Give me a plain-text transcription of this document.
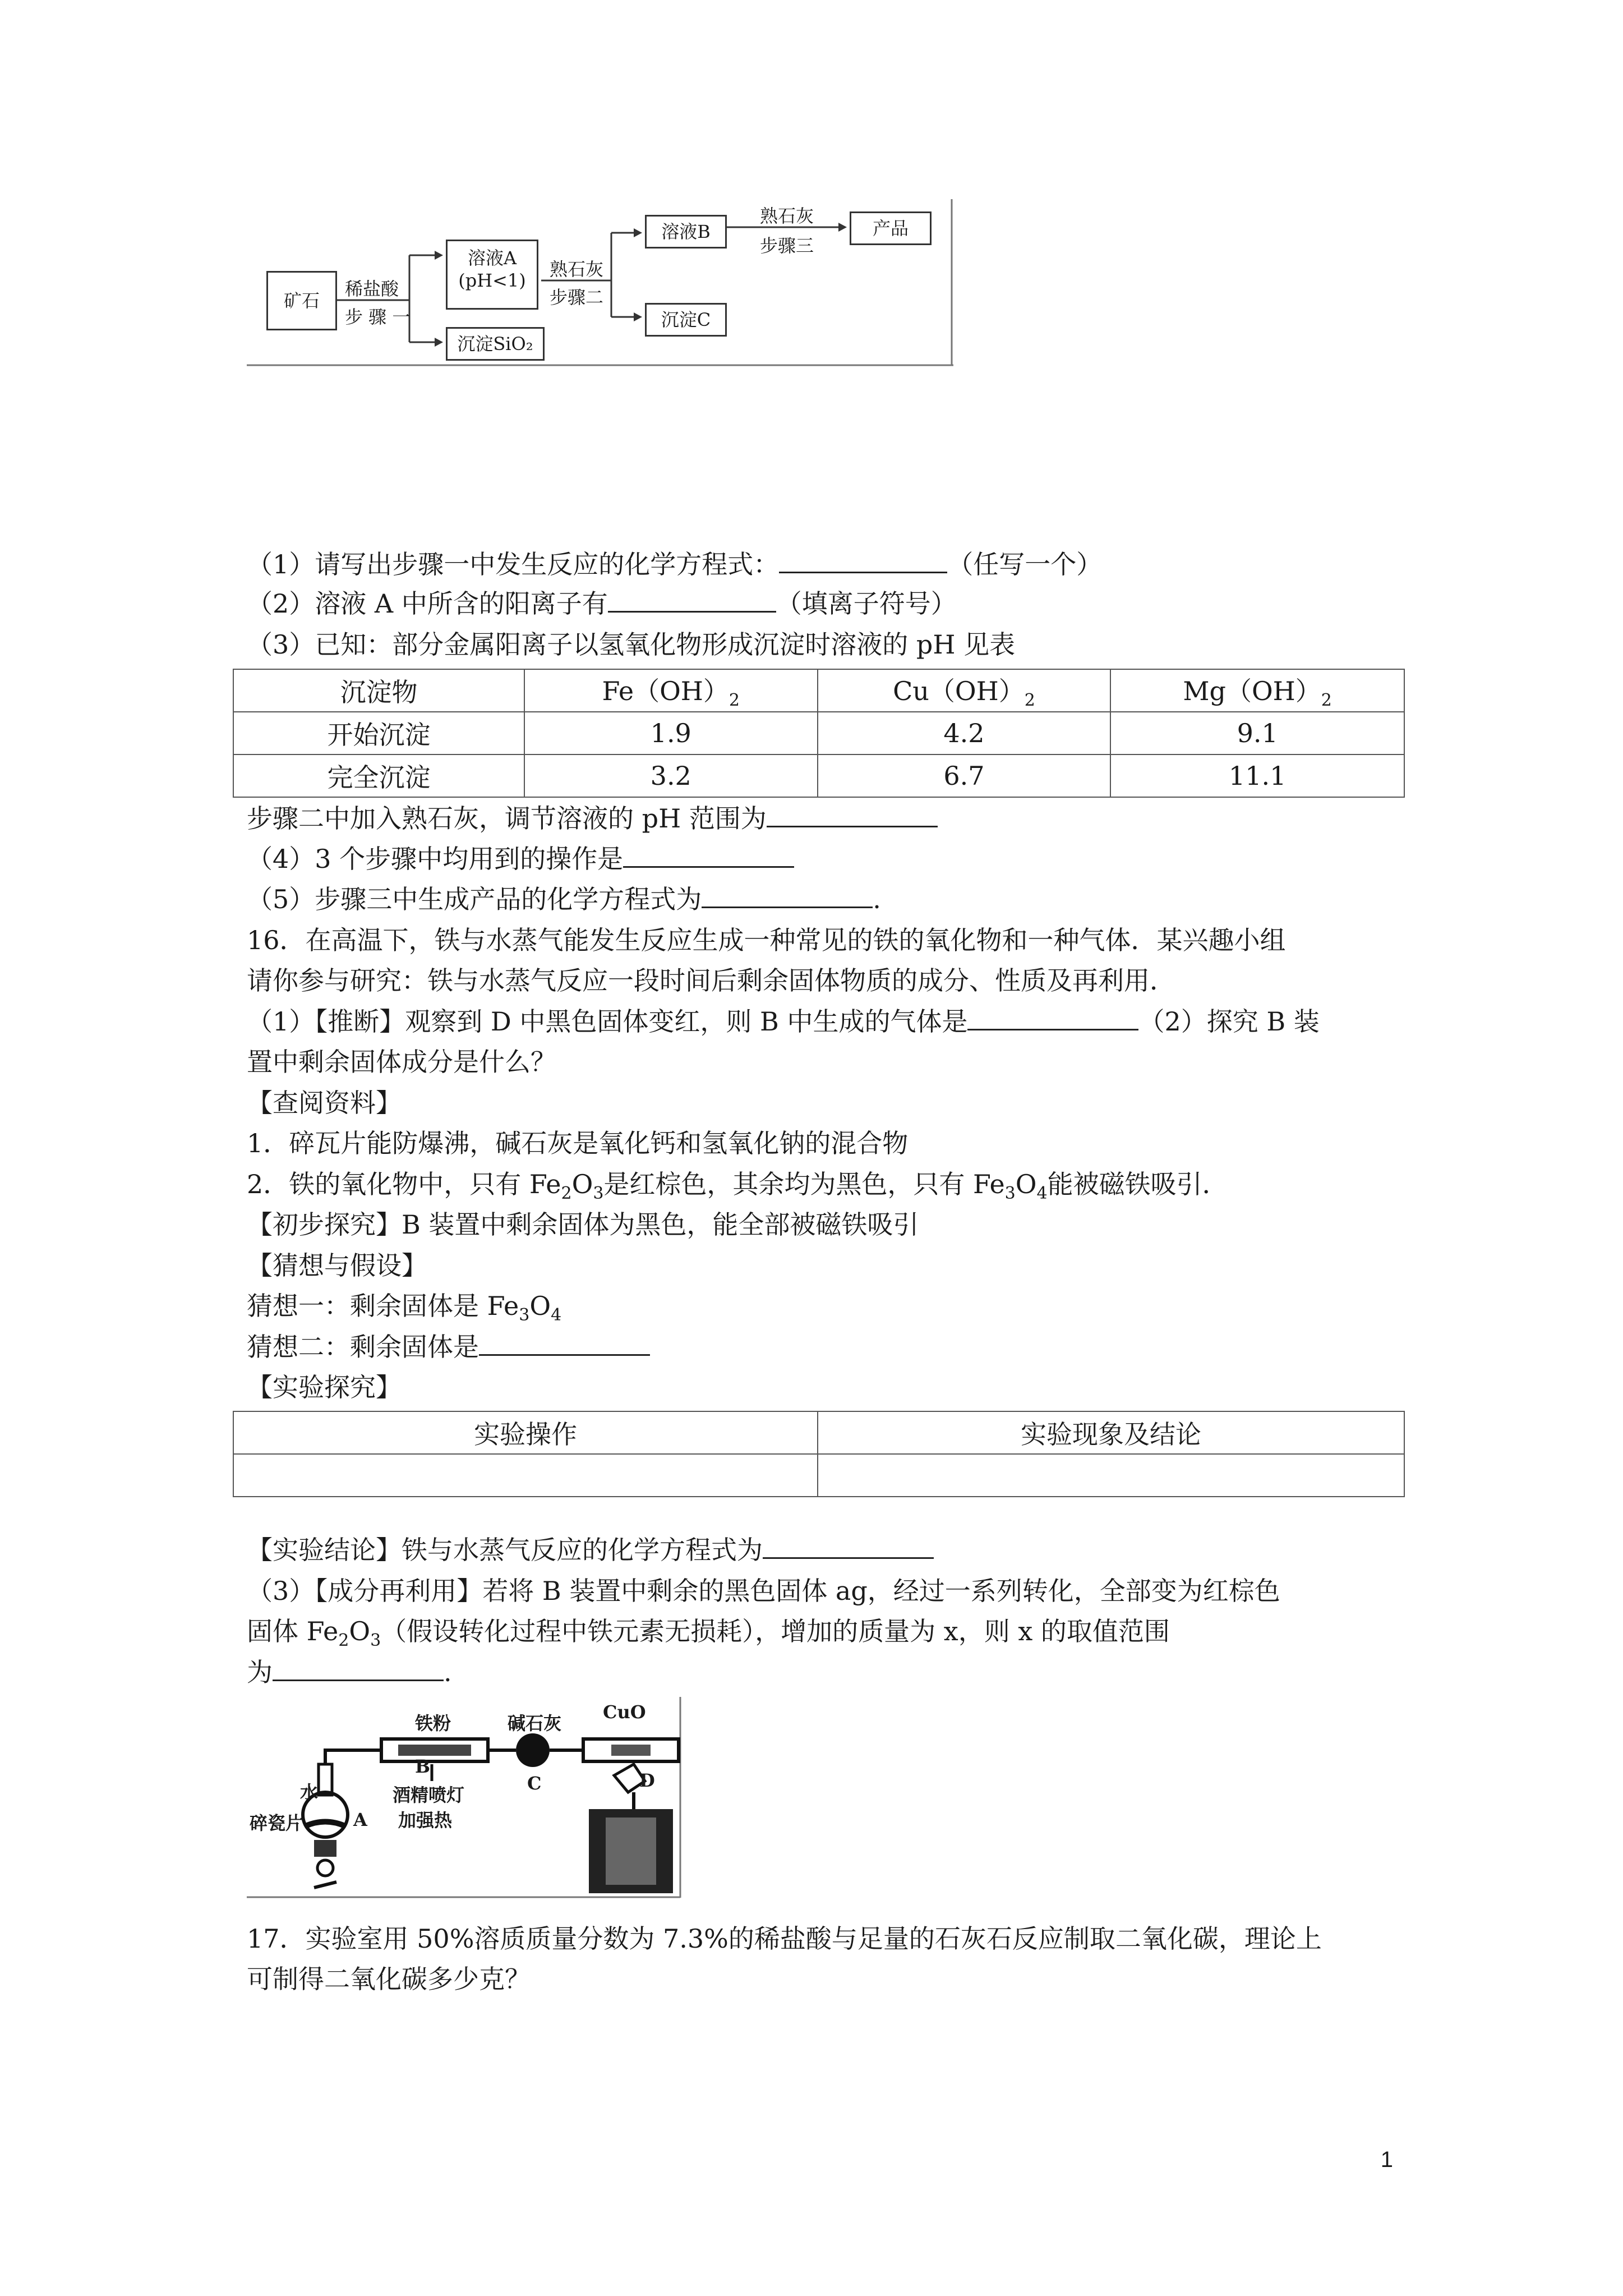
矿石
稀盐酸
步 骤 一
溶液A
(pH<1)
沉淀SiO₂
熟石灰
步骤二
溶液B
沉淀C
熟石灰
步骤三
产品
（1）请写出步骤一中发生反应的化学方程式：	（任写一个）
（2）溶液 A 中所含的阳离子有	（填离子符号）
（3）已知：部分金属阳离子以氢氧化物形成沉淀时溶液的 pH 见表
沉淀物	$Fe(OH)_2$	$Cu(OH)_2$	$Mg(OH)_2$
开始沉淀	1.9	4.2	9.1
完全沉淀	3.2	6.7	11.1
步骤二中加入熟石灰，调节溶液的 pH 范围为
（4）3 个步骤中均用到的操作是
（5）步骤三中生成产品的化学方程式为	.
16．在高温下，铁与水蒸气能发生反应生成一种常见的铁的氧化物和一种气体．某兴趣小组
请你参与研究：铁与水蒸气反应一段时间后剩余固体物质的成分、性质及再利用．
（1）【推断】观察到 D 中黑色固体变红，则 B 中生成的气体是	（2）探究 B 装
置中剩余固体成分是什么？
【查阅资料】
1．碎瓦片能防爆沸，碱石灰是氧化钙和氢氧化钠的混合物
2．铁的氧化物中，只有 $Fe_2O_3$是红棕色，其余均为黑色，只有 $Fe_3O_4$能被磁铁吸引．
【初步探究】B 装置中剩余固体为黑色，能全部被磁铁吸引
【猜想与假设】
猜想一：剩余固体是 $Fe_3O_4$
猜想二：剩余固体是
【实验探究】
实验操作	实验现象及结论

【实验结论】铁与水蒸气反应的化学方程式为
（3）【成分再利用】若将 B 装置中剩余的黑色固体 ag，经过一系列转化，全部变为红棕色
固体 $Fe_2O_3$（假设转化过程中铁元素无损耗），增加的质量为 x，则 x 的取值范围
为	.
铁粉	碱石灰
CuO
水
碎瓷片	A
B
C	D
酒精喷灯
加强热
17．实验室用 50%溶质质量分数为 7.3%的稀盐酸与足量的石灰石反应制取二氧化碳，理论上
可制得二氧化碳多少克？
1
